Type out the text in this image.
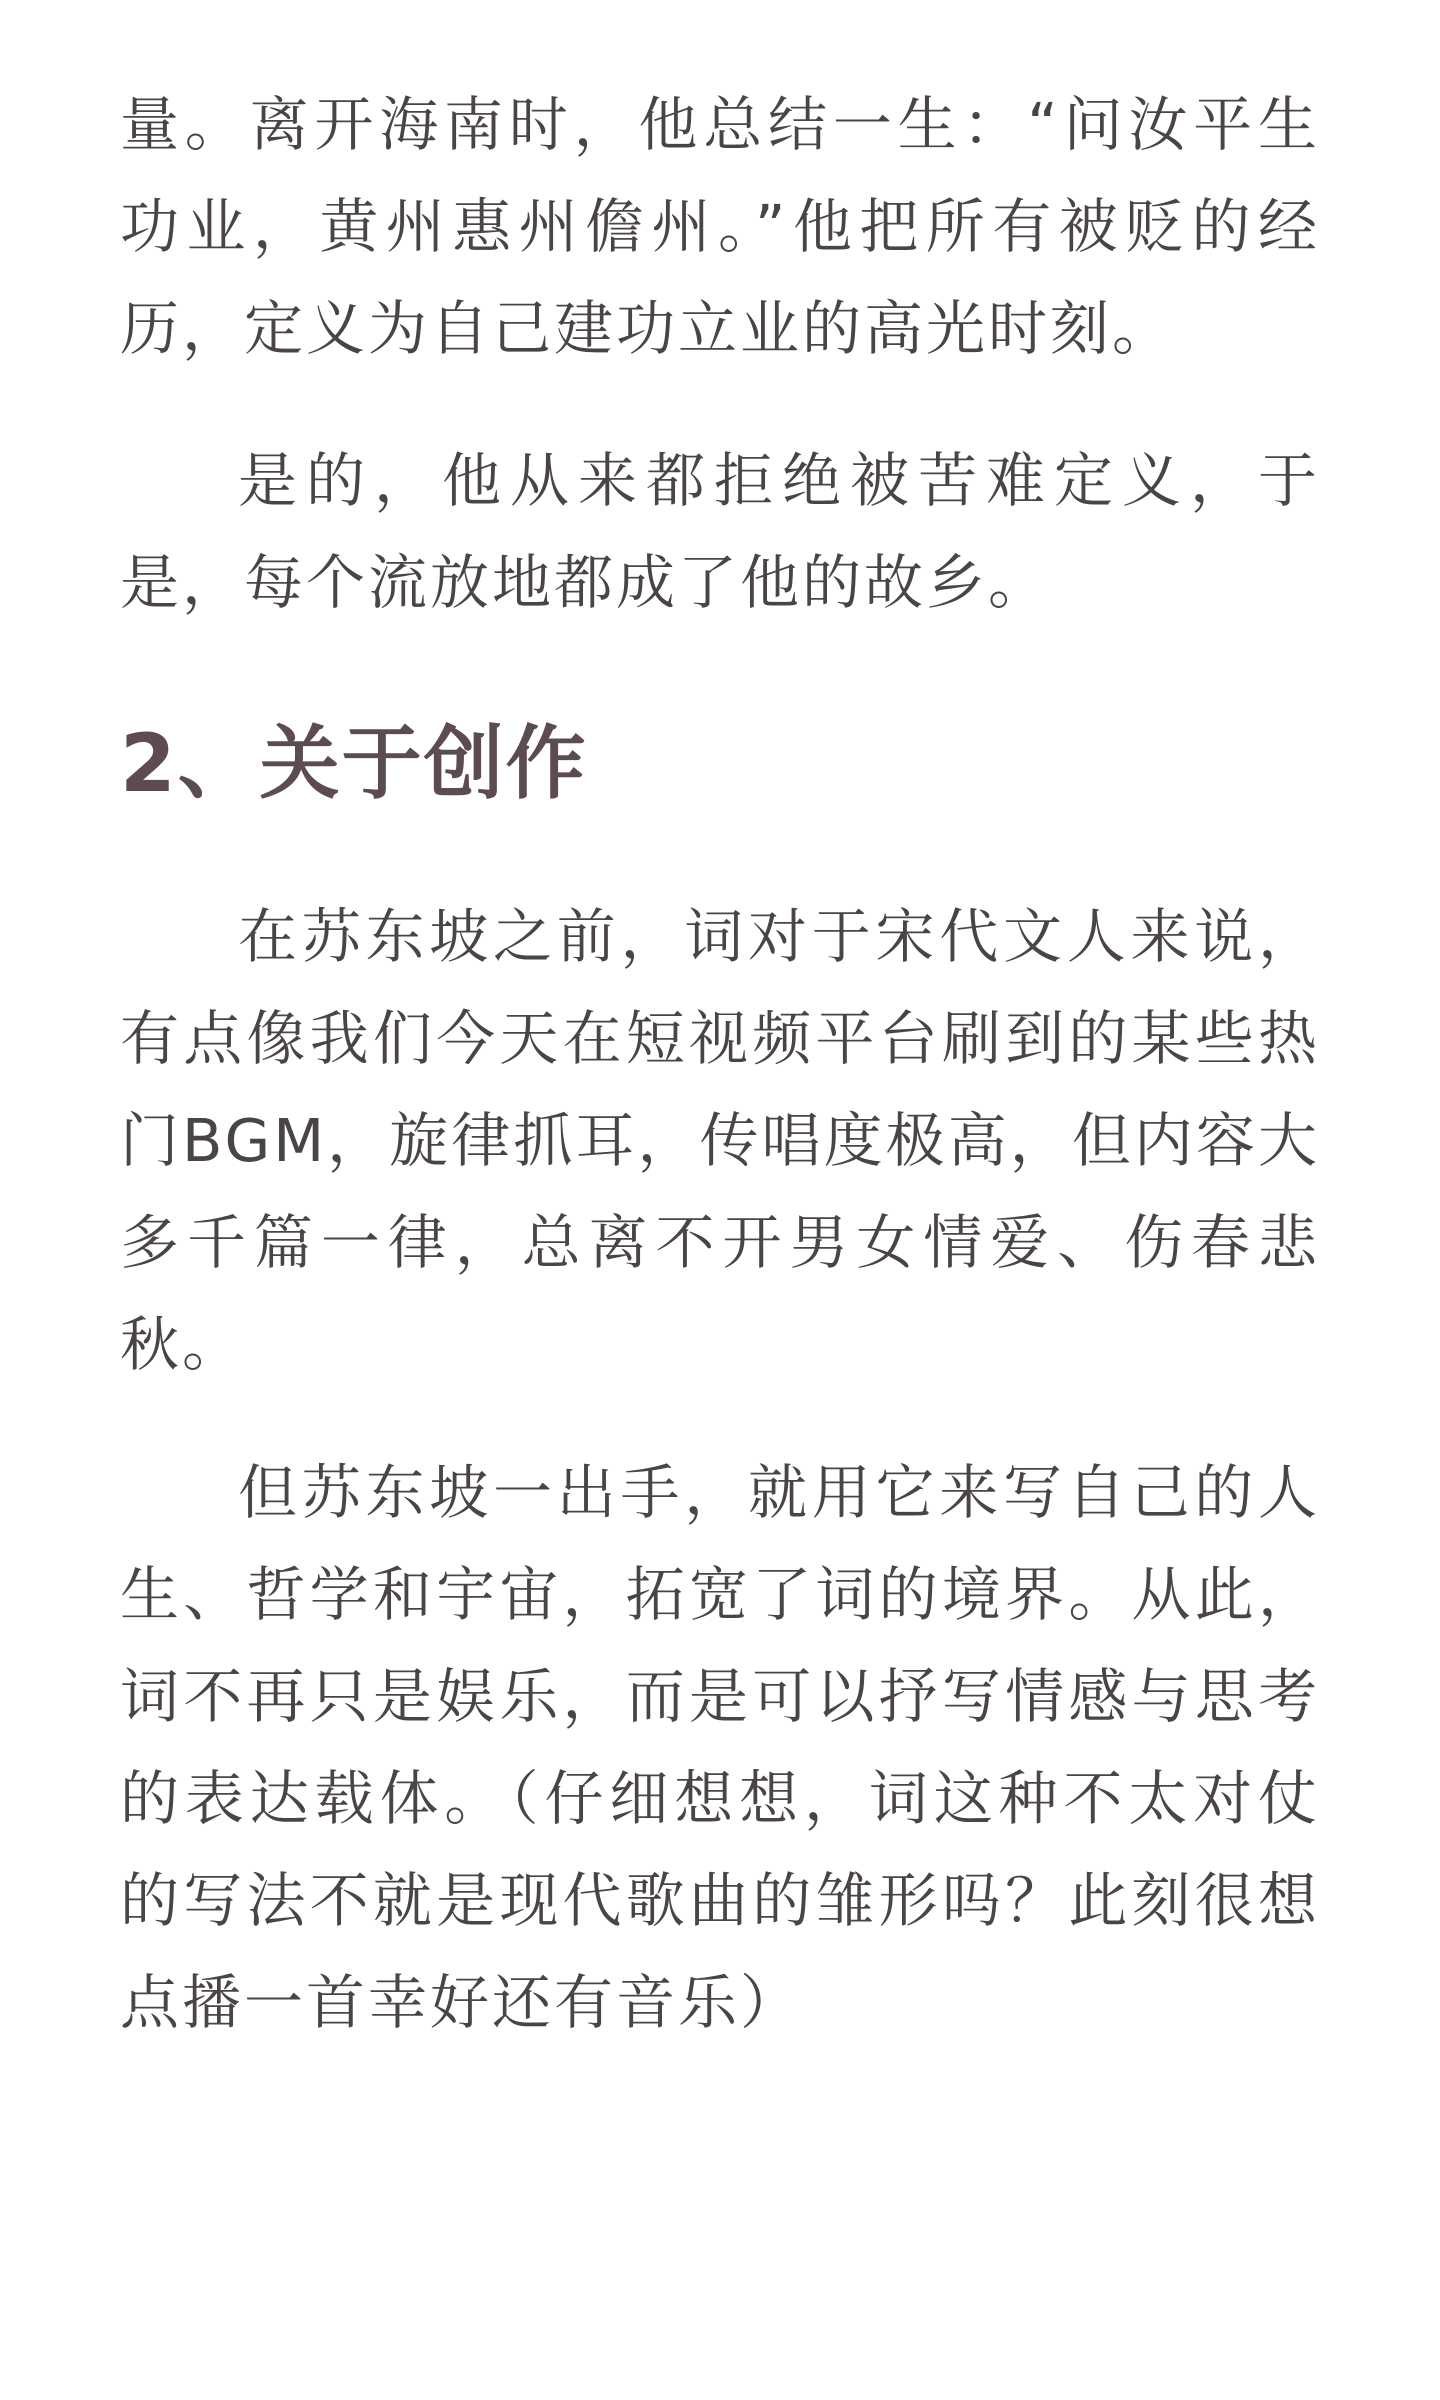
量。离开海南时，他总结一生：“问汝平生功业，黄州惠州儋州。”他把所有被贬的经历，定义为自己建功立业的高光时刻。

是的，他从来都拒绝被苦难定义，于是，每个流放地都成了他的故乡。

2、关于创作

在苏东坡之前，词对于宋代文人来说，有点像我们今天在短视频平台刷到的某些热门BGM，旋律抓耳，传唱度极高，但内容大多千篇一律，总离不开男女情爱、伤春悲秋。

但苏东坡一出手，就用它来写自己的人生、哲学和宇宙，拓宽了词的境界。从此，词不再只是娱乐，而是可以抒写情感与思考的表达载体。（仔细想想，词这种不太对仗的写法不就是现代歌曲的雏形吗？此刻很想点播一首幸好还有音乐）
